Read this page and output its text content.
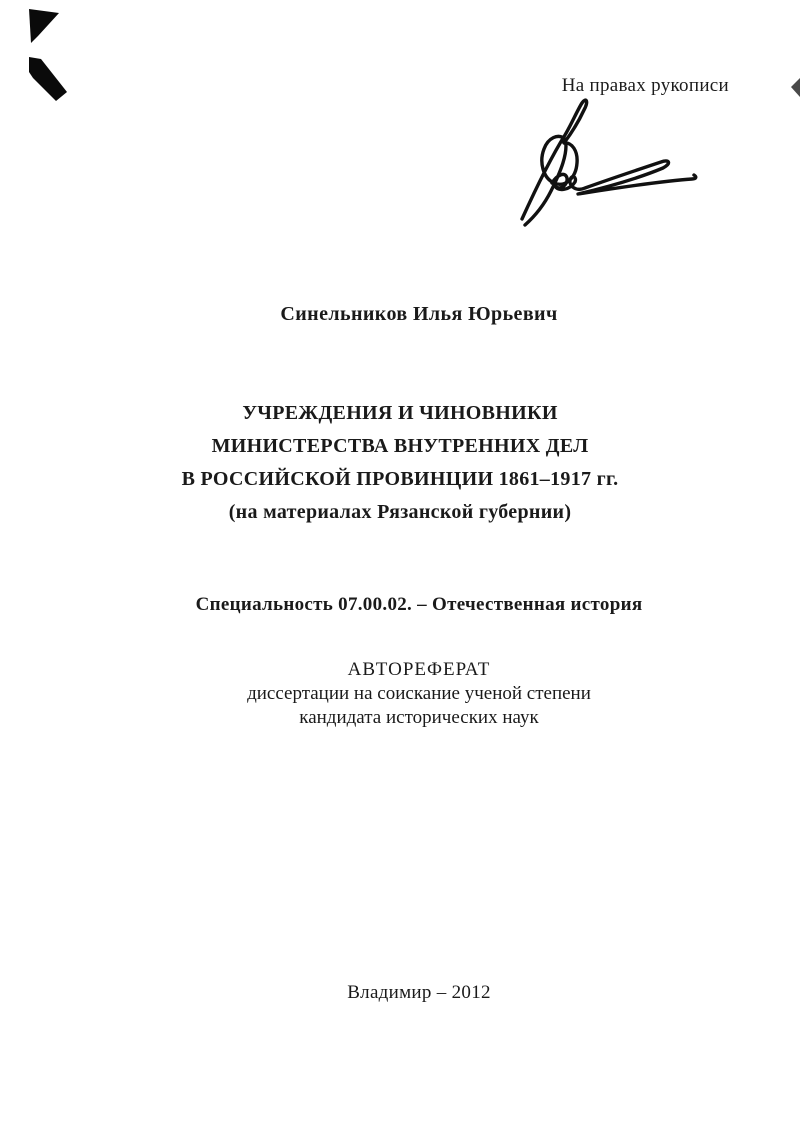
На правах рукописи
Синельников Илья Юрьевич
УЧРЕЖДЕНИЯ И ЧИНОВНИКИ
МИНИСТЕРСТВА ВНУТРЕННИХ ДЕЛ
В РОССИЙСКОЙ ПРОВИНЦИИ 1861–1917 гг.
(на материалах Рязанской губернии)
Специальность 07.00.02. – Отечественная история
АВТОРЕФЕРАТ
диссертации на соискание ученой степени
кандидата исторических наук
Владимир – 2012
